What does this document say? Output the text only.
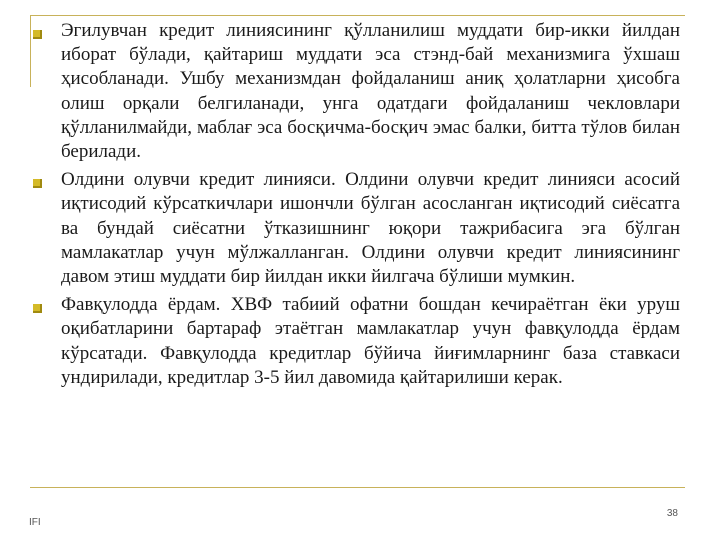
Эгилувчан кредит линиясининг қўлланилиш муддати бир-икки йилдан иборат бўлади, қайтариш муддати эса стэнд-бай механизмига ўхшаш ҳисобланади. Ушбу механизмдан фойдаланиш аниқ ҳолатларни ҳисобга олиш орқали белгиланади, унга одатдаги фойдаланиш чекловлари қўлланилмайди, маблағ эса босқичма-босқич эмас балки, битта тўлов билан берилади.

Олдини олувчи кредит линияси. Олдини олувчи кредит линияси асосий иқтисодий кўрсаткичлари ишончли бўлган асосланган иқтисодий сиёсатга ва бундай сиёсатни ўтказишнинг юқори тажрибасига эга бўлган мамлакатлар учун мўлжалланган. Олдини олувчи кредит линиясининг давом этиш муддати бир йилдан икки йилгача бўлиши мумкин.

Фавқулодда ёрдам. ХВФ табиий офатни бошдан кечираётган ёки уруш оқибатларини бартараф этаётган мамлакатлар учун фавқулодда ёрдам кўрсатади. Фавқулодда кредитлар бўйича йиғимларнинг база ставкаси ундирилади, кредитлар 3-5 йил давомида қайтарилиши керак.

IFI
38
